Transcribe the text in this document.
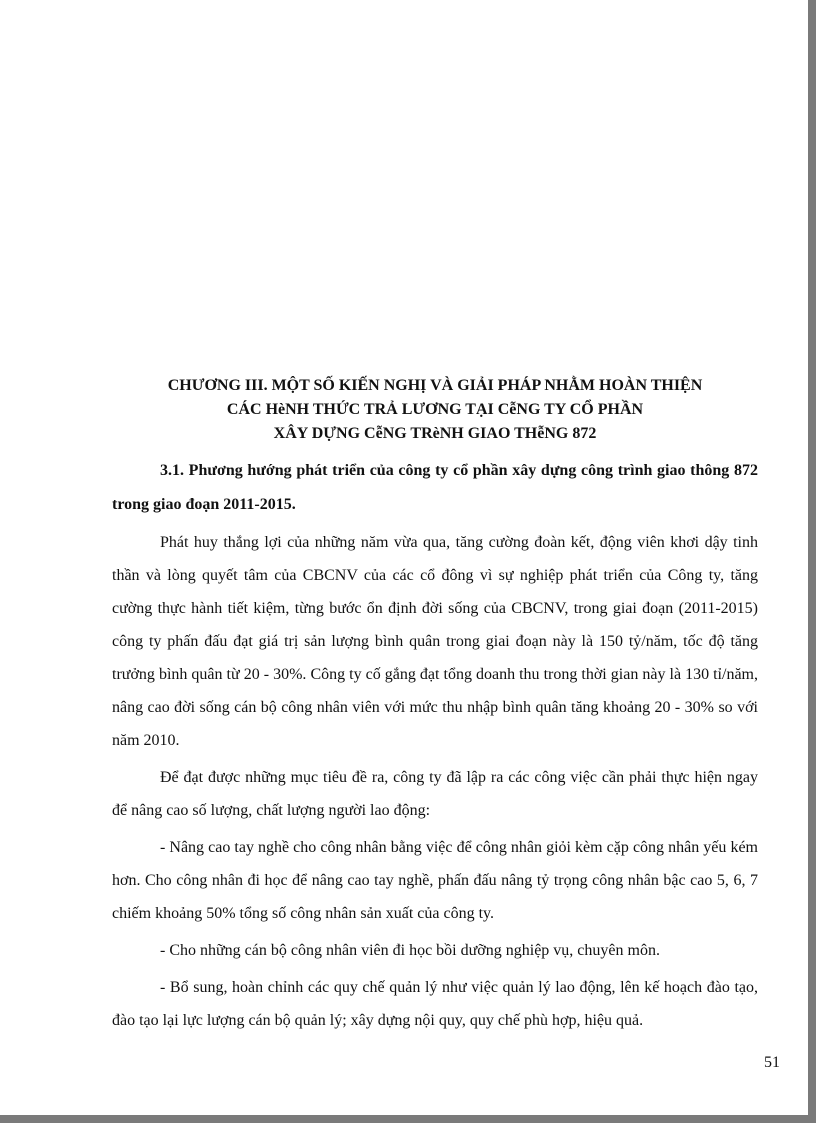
CHƯƠNG III. MỘT SỐ KIẾN NGHỊ VÀ GIẢI PHÁP NHẰM HOÀN THIỆN
CÁC HèNH THỨC TRẢ LƯƠNG TẠI CễNG TY CỔ PHẦN
XÂY DỰNG CễNG TRèNH GIAO THễNG 872
3.1. Phương hướng phát triển của công ty cổ phần xây dựng công trình giao thông 872 trong giao đoạn 2011-2015.

Phát huy thắng lợi của những năm vừa qua, tăng cường đoàn kết, động viên khơi dậy tinh thần và lòng quyết tâm của CBCNV của các cổ đông vì sự nghiệp phát triển của Công ty, tăng cường thực hành tiết kiệm, từng bước ổn định đời sống của CBCNV, trong giai đoạn (2011-2015) công ty phấn đấu đạt giá trị sản lượng bình quân trong giai đoạn này là 150 tỷ/năm, tốc độ tăng trưởng bình quân từ 20 - 30%. Công ty cố gắng đạt tổng doanh thu trong thời gian này là 130 tỉ/năm, nâng cao đời sống cán bộ công nhân viên với mức thu nhập bình quân tăng khoảng 20 - 30% so với năm 2010.

Để đạt được những mục tiêu đề ra, công ty đã lập ra các công việc cần phải thực hiện ngay để nâng cao số lượng, chất lượng người lao động:

- Nâng cao tay nghề cho công nhân bằng việc để công nhân giỏi kèm cặp công nhân yếu kém hơn. Cho công nhân đi học để nâng cao tay nghề, phấn đấu nâng tỷ trọng công nhân bậc cao 5, 6, 7 chiếm khoảng 50% tổng số công nhân sản xuất của công ty.

- Cho những cán bộ công nhân viên đi học bồi dưỡng nghiệp vụ, chuyên môn.

- Bổ sung, hoàn chỉnh các quy chế quản lý như việc quản lý lao động, lên kế hoạch đào tạo, đào tạo lại lực lượng cán bộ quản lý; xây dựng nội quy, quy chế phù hợp, hiệu quả.

51
